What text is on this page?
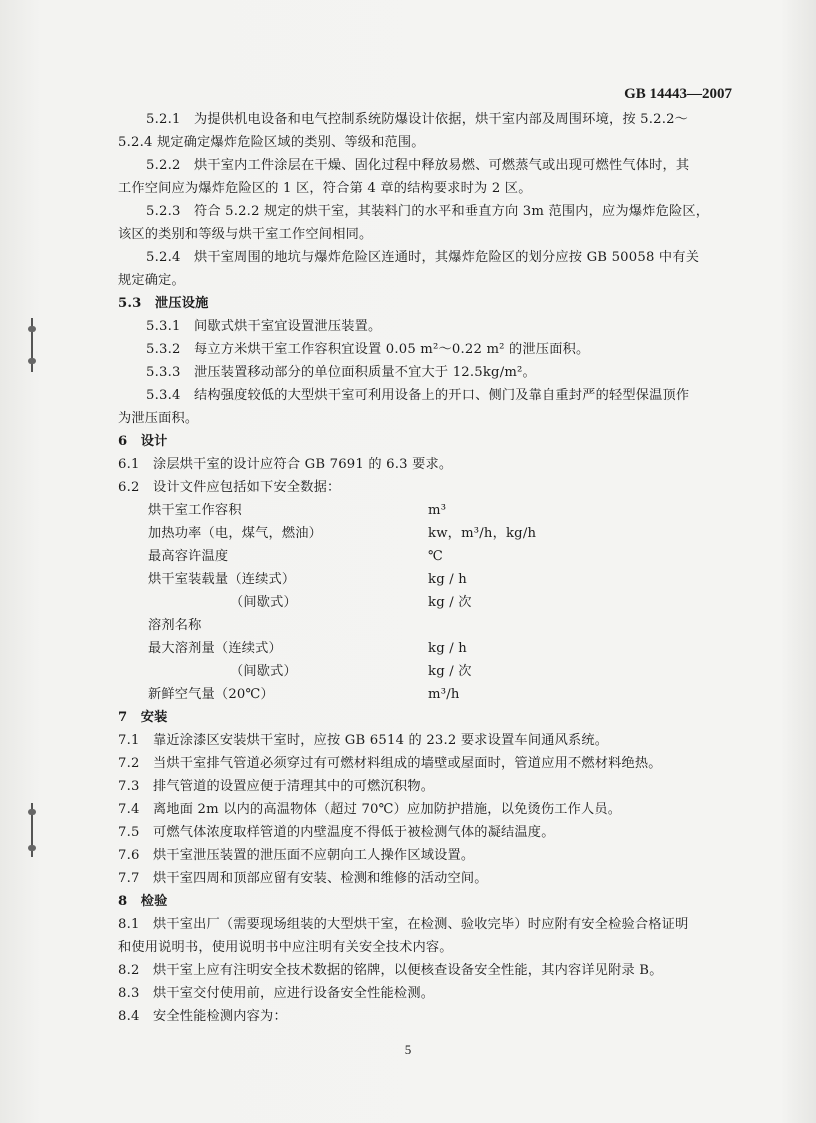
GB 14443—2007
5.2.1　为提供机电设备和电气控制系统防爆设计依据，烘干室内部及周围环境，按 5.2.2～
5.2.4 规定确定爆炸危险区域的类别、等级和范围。
5.2.2　烘干室内工件涂层在干燥、固化过程中释放易燃、可燃蒸气或出现可燃性气体时，其
工作空间应为爆炸危险区的 1 区，符合第 4 章的结构要求时为 2 区。
5.2.3　符合 5.2.2 规定的烘干室，其装料门的水平和垂直方向 3m 范围内，应为爆炸危险区，
该区的类别和等级与烘干室工作空间相同。
5.2.4　烘干室周围的地坑与爆炸危险区连通时，其爆炸危险区的划分应按 GB 50058 中有关
规定确定。
5.3　泄压设施
5.3.1　间歇式烘干室宜设置泄压装置。
5.3.2　每立方米烘干室工作容积宜设置 0.05 m²～0.22 m² 的泄压面积。
5.3.3　泄压装置移动部分的单位面积质量不宜大于 12.5kg/m²。
5.3.4　结构强度较低的大型烘干室可利用设备上的开口、侧门及靠自重封严的轻型保温顶作
为泄压面积。
6　设计
6.1　涂层烘干室的设计应符合 GB 7691 的 6.3 要求。
6.2　设计文件应包括如下安全数据：
烘干室工作容积	m³
加热功率（电，煤气，燃油）	kw，m³/h，kg/h
最高容许温度	℃
烘干室装载量（连续式）	kg / h
（间歇式）	kg / 次
溶剂名称
最大溶剂量（连续式）	kg / h
（间歇式）	kg / 次
新鲜空气量（20℃）	m³/h
7　安装
7.1　靠近涂漆区安装烘干室时，应按 GB 6514 的 23.2 要求设置车间通风系统。
7.2　当烘干室排气管道必须穿过有可燃材料组成的墙壁或屋面时，管道应用不燃材料绝热。
7.3　排气管道的设置应便于清理其中的可燃沉积物。
7.4　离地面 2m 以内的高温物体（超过 70℃）应加防护措施，以免烫伤工作人员。
7.5　可燃气体浓度取样管道的内壁温度不得低于被检测气体的凝结温度。
7.6　烘干室泄压装置的泄压面不应朝向工人操作区域设置。
7.7　烘干室四周和顶部应留有安装、检测和维修的活动空间。
8　检验
8.1　烘干室出厂（需要现场组装的大型烘干室，在检测、验收完毕）时应附有安全检验合格证明
和使用说明书，使用说明书中应注明有关安全技术内容。
8.2　烘干室上应有注明安全技术数据的铭牌，以便核查设备安全性能，其内容详见附录 B。
8.3　烘干室交付使用前，应进行设备安全性能检测。
8.4　安全性能检测内容为：
5
